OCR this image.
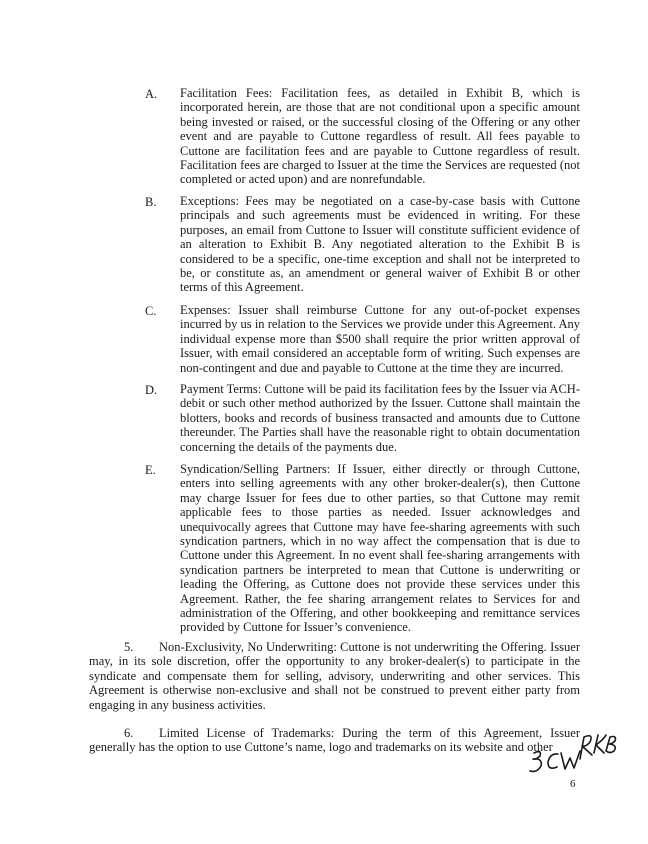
A. Facilitation Fees: Facilitation fees, as detailed in Exhibit B, which is incorporated herein, are those that are not conditional upon a specific amount being invested or raised, or the successful closing of the Offering or any other event and are payable to Cuttone regardless of result. All fees payable to Cuttone are facilitation fees and are payable to Cuttone regardless of result. Facilitation fees are charged to Issuer at the time the Services are requested (not completed or acted upon) and are nonrefundable.

B. Exceptions: Fees may be negotiated on a case-by-case basis with Cuttone principals and such agreements must be evidenced in writing. For these purposes, an email from Cuttone to Issuer will constitute sufficient evidence of an alteration to Exhibit B. Any negotiated alteration to the Exhibit B is considered to be a specific, one-time exception and shall not be interpreted to be, or constitute as, an amendment or general waiver of Exhibit B or other terms of this Agreement.

C. Expenses: Issuer shall reimburse Cuttone for any out-of-pocket expenses incurred by us in relation to the Services we provide under this Agreement. Any individual expense more than $500 shall require the prior written approval of Issuer, with email considered an acceptable form of writing. Such expenses are non-contingent and due and payable to Cuttone at the time they are incurred.

D. Payment Terms: Cuttone will be paid its facilitation fees by the Issuer via ACH-debit or such other method authorized by the Issuer. Cuttone shall maintain the blotters, books and records of business transacted and amounts due to Cuttone thereunder. The Parties shall have the reasonable right to obtain documentation concerning the details of the payments due.

E. Syndication/Selling Partners: If Issuer, either directly or through Cuttone, enters into selling agreements with any other broker-dealer(s), then Cuttone may charge Issuer for fees due to other parties, so that Cuttone may remit applicable fees to those parties as needed. Issuer acknowledges and unequivocally agrees that Cuttone may have fee-sharing agreements with such syndication partners, which in no way affect the compensation that is due to Cuttone under this Agreement. In no event shall fee-sharing arrangements with syndication partners be interpreted to mean that Cuttone is underwriting or leading the Offering, as Cuttone does not provide these services under this Agreement. Rather, the fee sharing arrangement relates to Services for and administration of the Offering, and other bookkeeping and remittance services provided by Cuttone for Issuer’s convenience.

5. Non-Exclusivity, No Underwriting: Cuttone is not underwriting the Offering. Issuer may, in its sole discretion, offer the opportunity to any broker-dealer(s) to participate in the syndicate and compensate them for selling, advisory, underwriting and other services. This Agreement is otherwise non-exclusive and shall not be construed to prevent either party from engaging in any business activities.

6. Limited License of Trademarks: During the term of this Agreement, Issuer generally has the option to use Cuttone’s name, logo and trademarks on its website and other

6
